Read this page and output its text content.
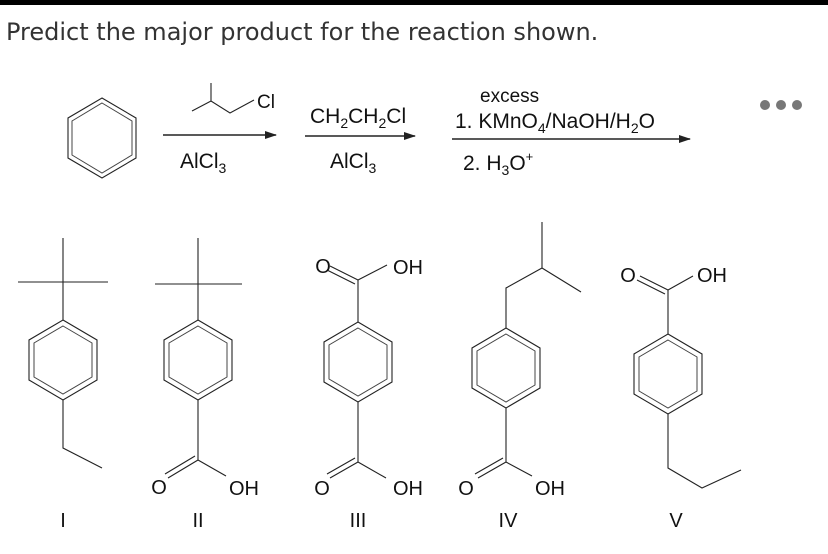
Predict the major product for the reaction shown.
Cl
AlCl$_3$
$CH_2CH_2Cl$
AlCl$_3$
excess
1. $KMnO_4/NaOH/H_2O$
2. $H_3O^+$
I
O	OH
II
O	OH
O	OH
III
O	OH
IV
O	OH
V
